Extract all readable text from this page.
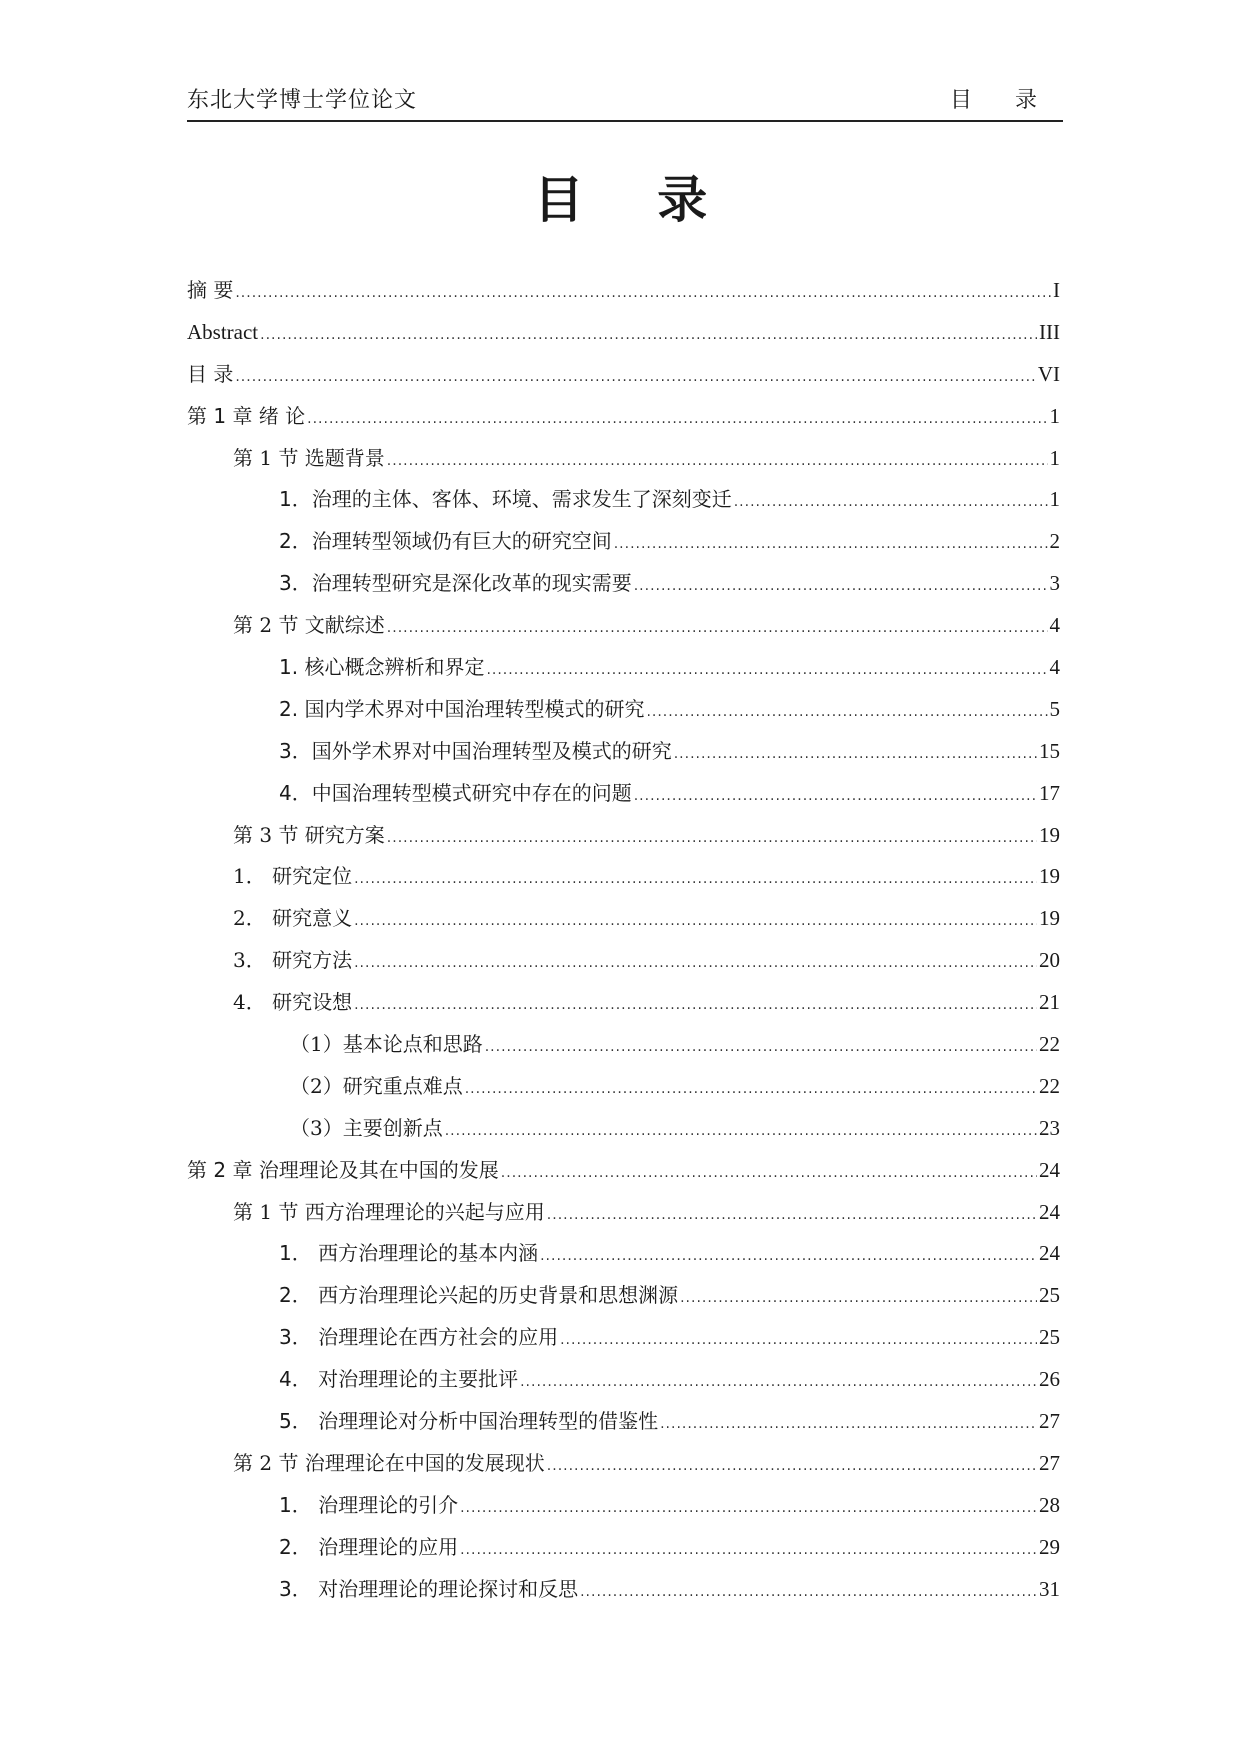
东北大学博士学位论文	目 录
目 录
摘 要 .....	I
Abstract .....	III
目 录 .....	VI
第 1 章 绪 论 .....	1
第 1 节 选题背景 .....	1
1．治理的主体、客体、环境、需求发生了深刻变迁 .....	1
2．治理转型领域仍有巨大的研究空间 .....	2
3．治理转型研究是深化改革的现实需要 .....	3
第 2 节 文献综述 .....	4
1. 核心概念辨析和界定 .....	4
2. 国内学术界对中国治理转型模式的研究 .....	5
3．国外学术界对中国治理转型及模式的研究 .....	15
4．中国治理转型模式研究中存在的问题 .....	17
第 3 节 研究方案 .....	19
1． 研究定位 .....	19
2． 研究意义 .....	19
3． 研究方法 .....	20
4． 研究设想 .....	21
（1）基本论点和思路 .....	22
（2）研究重点难点 .....	22
（3）主要创新点 .....	23
第 2 章 治理理论及其在中国的发展 .....	24
第 1 节 西方治理理论的兴起与应用 .....	24
1． 西方治理理论的基本内涵 .....	24
2． 西方治理理论兴起的历史背景和思想渊源 .....	25
3． 治理理论在西方社会的应用 .....	25
4． 对治理理论的主要批评 .....	26
5． 治理理论对分析中国治理转型的借鉴性 .....	27
第 2 节 治理理论在中国的发展现状 .....	27
1． 治理理论的引介 .....	28
2． 治理理论的应用 .....	29
3． 对治理理论的理论探讨和反思 .....	31
